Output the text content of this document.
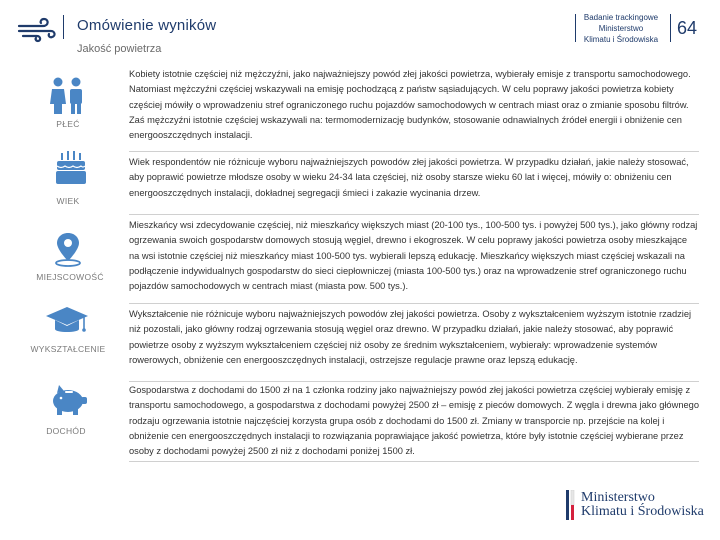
Omówienie wyników
Jakość powietrza
Badanie trackingowe
Ministerstwo
Klimatu i Środowiska
64
PŁEĆ
Kobiety istotnie częściej niż mężczyźni, jako najważniejszy powód złej jakości powietrza, wybierały emisje z transportu samochodowego. Natomiast mężczyźni częściej wskazywali na emisję pochodzącą z państw sąsiadujących. W celu poprawy jakości powietrza kobiety częściej mówiły o wprowadzeniu stref ograniczonego ruchu pojazdów samochodowych w centrach miast oraz o zmianie sposobu filtrów. Zaś mężczyźni istotnie częściej wskazywali na: termomodernizację budynków, stosowanie odnawialnych źródeł energii i obniżenie cen energooszczędnych instalacji.
WIEK
Wiek respondentów nie różnicuje wyboru najważniejszych powodów złej jakości powietrza. W przypadku działań, jakie należy stosować, aby poprawić powietrze młodsze osoby w wieku 24-34 lata częściej, niż osoby starsze wieku 60 lat i więcej, mówiły o: obniżeniu cen energooszczędnych instalacji, dokładnej segregacji śmieci i zakazie wycinania drzew.
MIEJSCOWOŚĆ
Mieszkańcy wsi zdecydowanie częściej, niż mieszkańcy większych miast (20-100 tys., 100-500 tys. i powyżej 500 tys.), jako główny rodzaj ogrzewania swoich gospodarstw domowych stosują węgiel, drewno i ekogroszek. W celu poprawy jakości powietrza osoby mieszkające na wsi istotnie częściej niż mieszkańcy miast 100-500 tys. wybierali lepszą edukację. Mieszkańcy większych miast częściej wskazali na podłączenie indywidualnych gospodarstw do sieci ciepłowniczej (miasta 100-500 tys.) oraz na wprowadzenie stref ograniczonego ruchu pojazdów samochodowych w centrach miast (miasta pow. 500 tys.).
WYKSZTAŁCENIE
Wykształcenie nie różnicuje wyboru najważniejszych powodów złej jakości powietrza. Osoby z wykształceniem wyższym istotnie rzadziej niż pozostali, jako główny rodzaj ogrzewania stosują węgiel oraz drewno. W przypadku działań, jakie należy stosować, aby poprawić powietrze osoby z wyższym wykształceniem częściej niż osoby ze średnim wykształceniem, wybierały: wprowadzenie systemów rowerowych, obniżenie cen energooszczędnych instalacji, ostrzejsze regulacje prawne oraz lepszą edukację.
DOCHÓD
Gospodarstwa z dochodami do 1500 zł na 1 członka rodziny jako najważniejszy powód złej jakości powietrza częściej wybierały emisję z transportu samochodowego, a gospodarstwa z dochodami powyżej 2500 zł – emisję z pieców domowych. Z węgla i drewna jako głównego rodzaju ogrzewania istotnie najczęściej korzysta grupa osób z dochodami do 1500 zł. Zmiany w transporcie np. przejście na kolej i obniżenie cen energooszczędnych instalacji to rozwiązania poprawiające jakość powietrza, które były istotnie częściej wybierane przez osoby z dochodami powyżej 2500 zł niż z dochodami poniżej 1500 zł.
Ministerstwo
Klimatu i Środowiska
